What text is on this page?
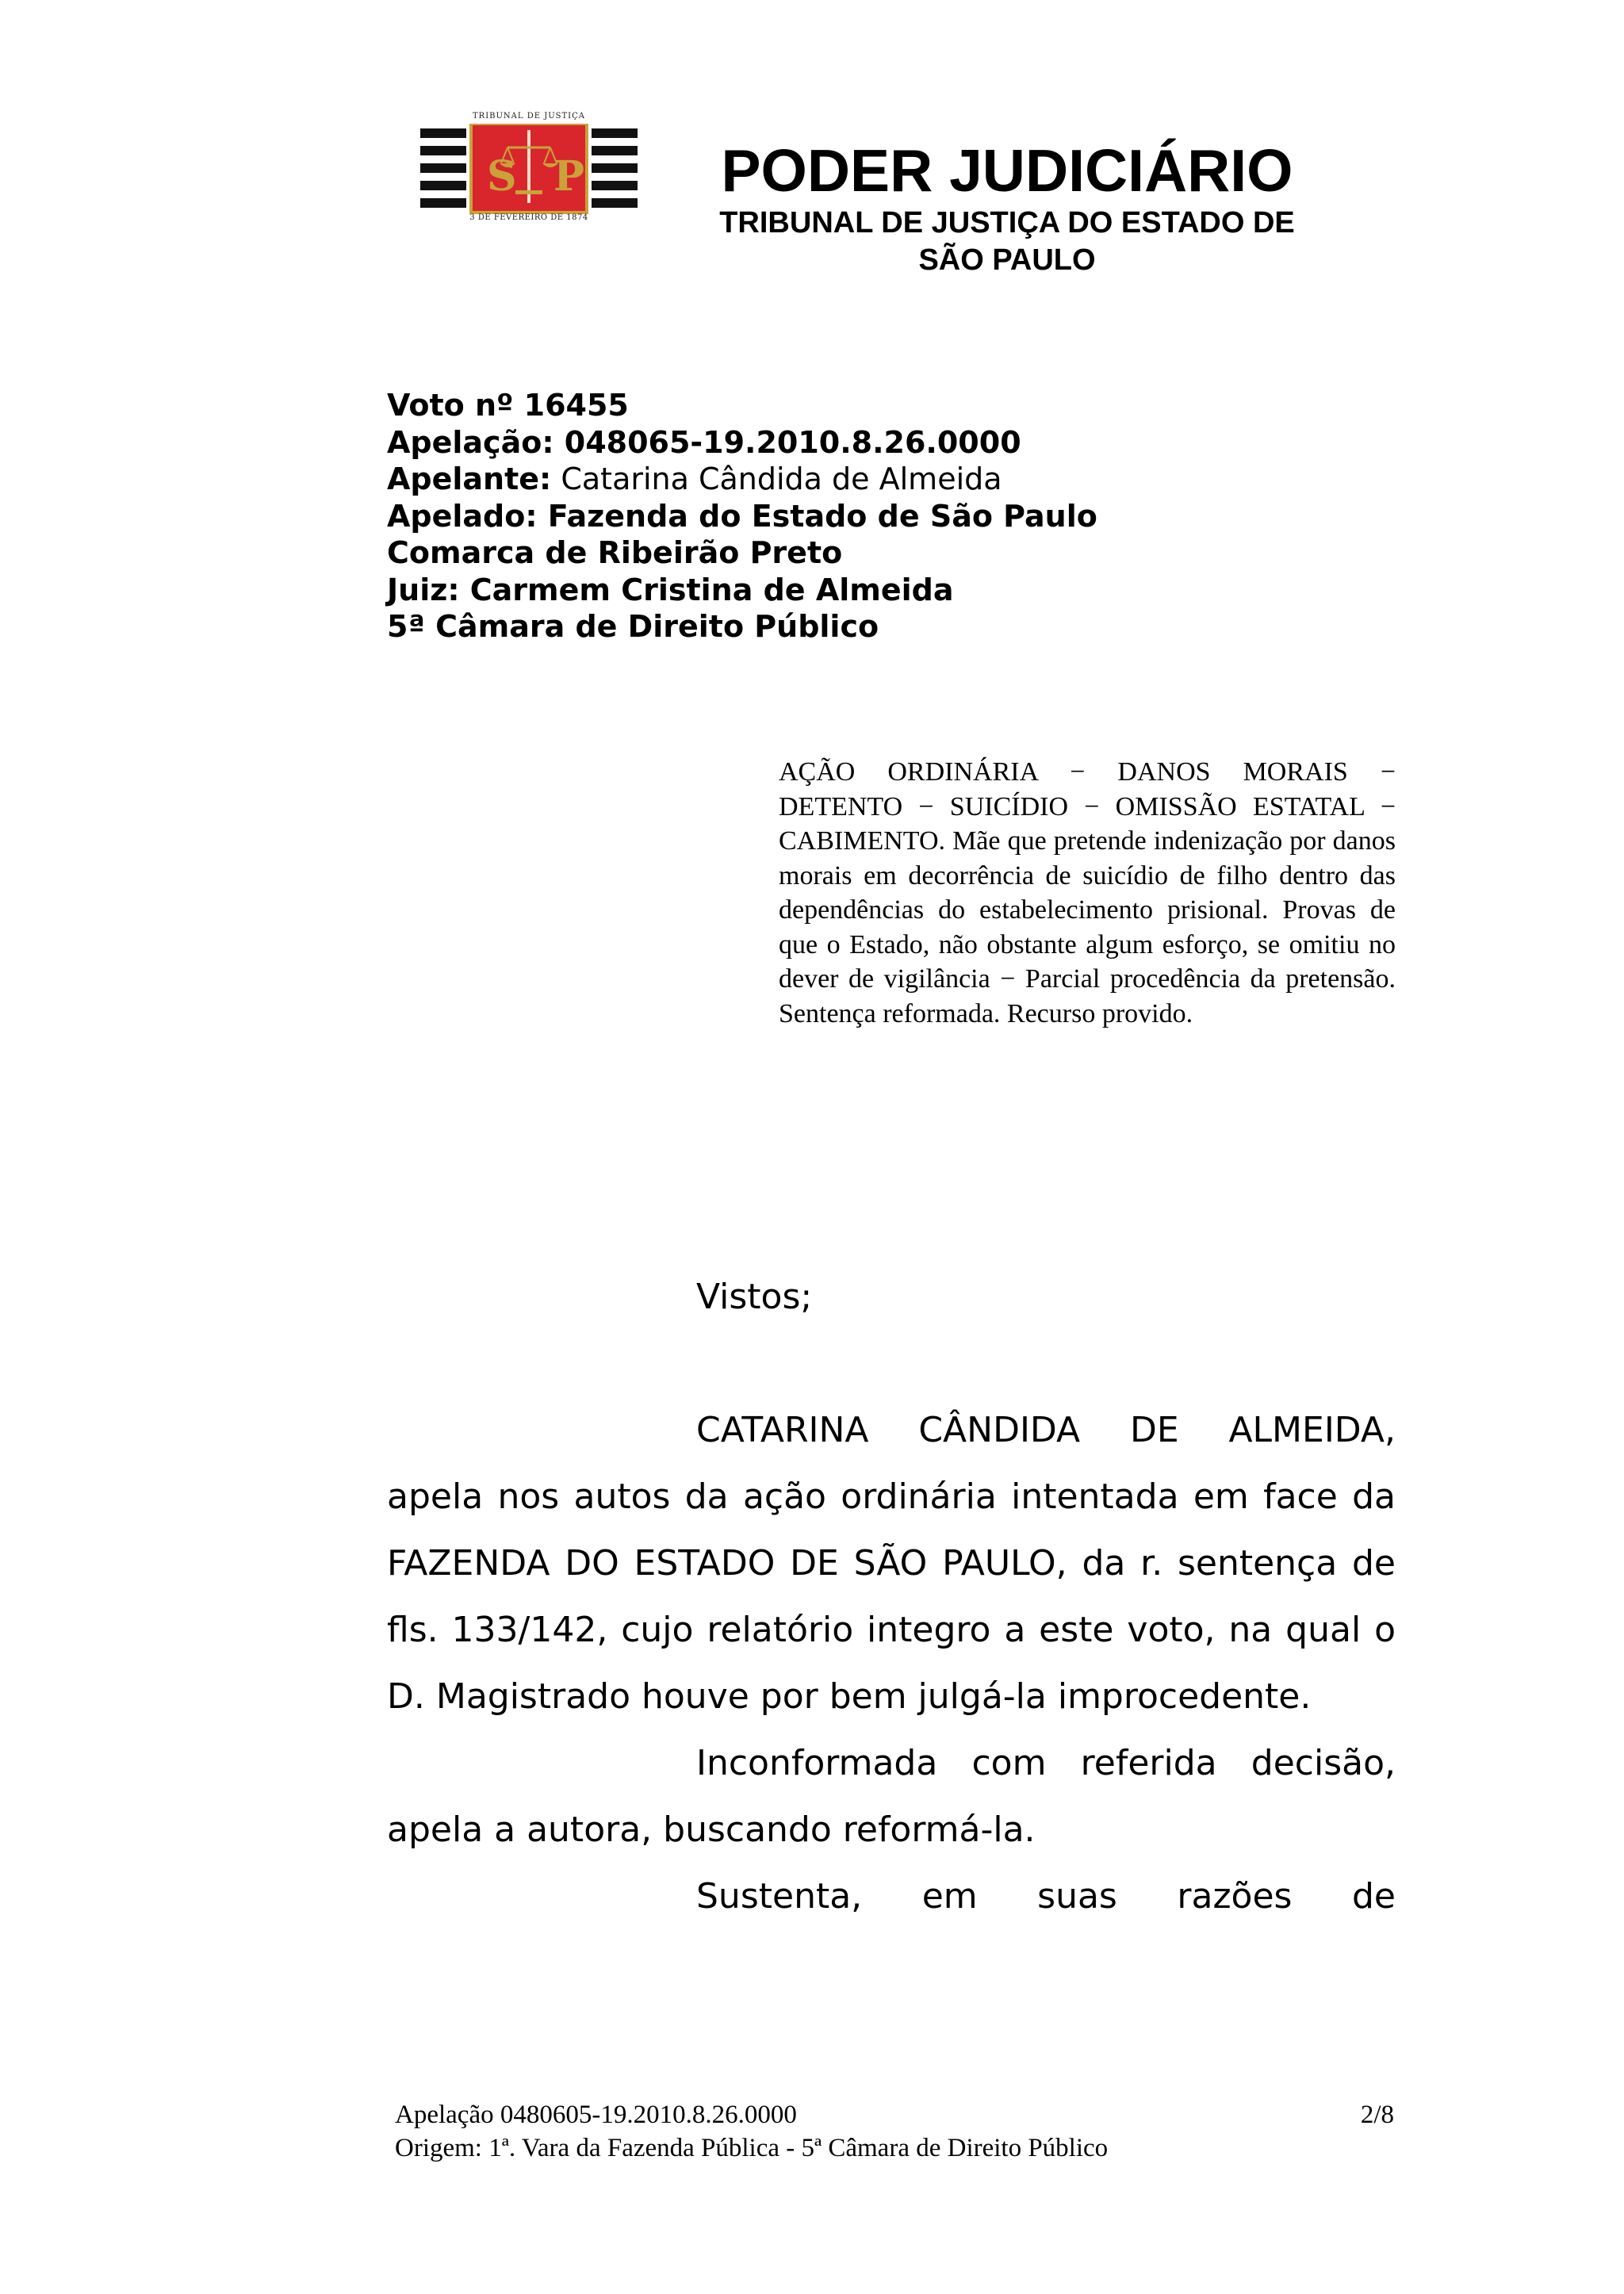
TRIBUNAL DE JUSTIÇA
S P
3 DE FEVEREIRO DE 1874
PODER JUDICIÁRIO
TRIBUNAL DE JUSTIÇA DO ESTADO DE
SÃO PAULO
Voto nº 16455
Apelação: 048065-19.2010.8.26.0000
Apelante: Catarina Cândida de Almeida
Apelado: Fazenda do Estado de São Paulo
Comarca de Ribeirão Preto
Juiz: Carmem Cristina de Almeida
5ª Câmara de Direito Público
AÇÃO ORDINÁRIA − DANOS MORAIS − DETENTO − SUICÍDIO − OMISSÃO ESTATAL − CABIMENTO. Mãe que pretende indenização por danos morais em decorrência de suicídio de filho dentro das dependências do estabelecimento prisional. Provas de que o Estado, não obstante algum esforço, se omitiu no dever de vigilância − Parcial procedência da pretensão. Sentença reformada. Recurso provido.

Vistos;

CATARINA CÂNDIDA DE ALMEIDA,

apela nos autos da ação ordinária intentada em face da FAZENDA DO ESTADO DE SÃO PAULO, da r. sentença de fls. 133/142, cujo relatório integro a este voto, na qual o D. Magistrado houve por bem julgá-la improcedente.

Inconformada com referida decisão,

apela a autora, buscando reformá-la.

Sustenta, em suas razões de

Apelação 0480605-19.2010.8.26.0000	2/8
Origem: 1ª. Vara da Fazenda Pública - 5ª Câmara de Direito Público
